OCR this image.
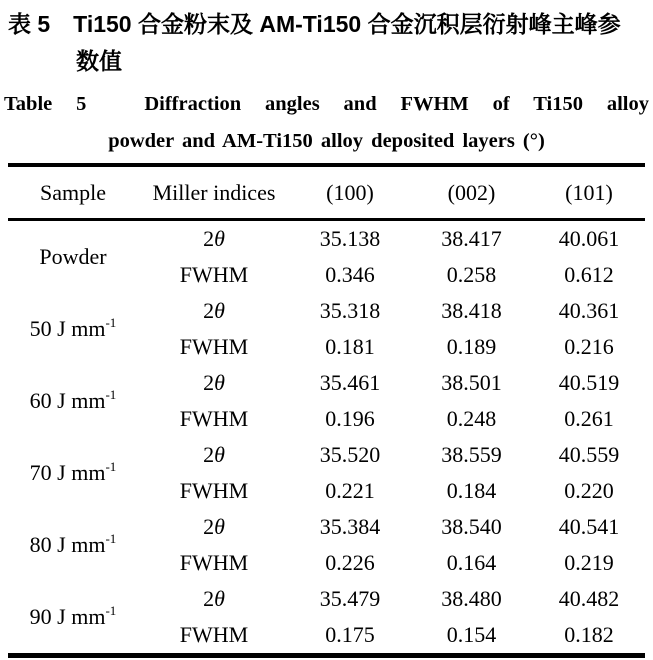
表 5　Ti150 合金粉末及 AM-Ti150 合金沉积层衍射峰主峰参
数值
Table 5　Diffraction angles and FWHM of Ti150 alloy
powder and AM-Ti150 alloy deposited layers (°)
Sample	Miller indices	(100)	(002)	(101)
Powder	2θ	35.138	38.417	40.061
	FWHM	0.346	0.258	0.612
50 J $mm^{-1}$	2θ	35.318	38.418	40.361
	FWHM	0.181	0.189	0.216
60 J $mm^{-1}$	2θ	35.461	38.501	40.519
	FWHM	0.196	0.248	0.261
70 J $mm^{-1}$	2θ	35.520	38.559	40.559
	FWHM	0.221	0.184	0.220
80 J $mm^{-1}$	2θ	35.384	38.540	40.541
	FWHM	0.226	0.164	0.219
90 J $mm^{-1}$	2θ	35.479	38.480	40.482
	FWHM	0.175	0.154	0.182
